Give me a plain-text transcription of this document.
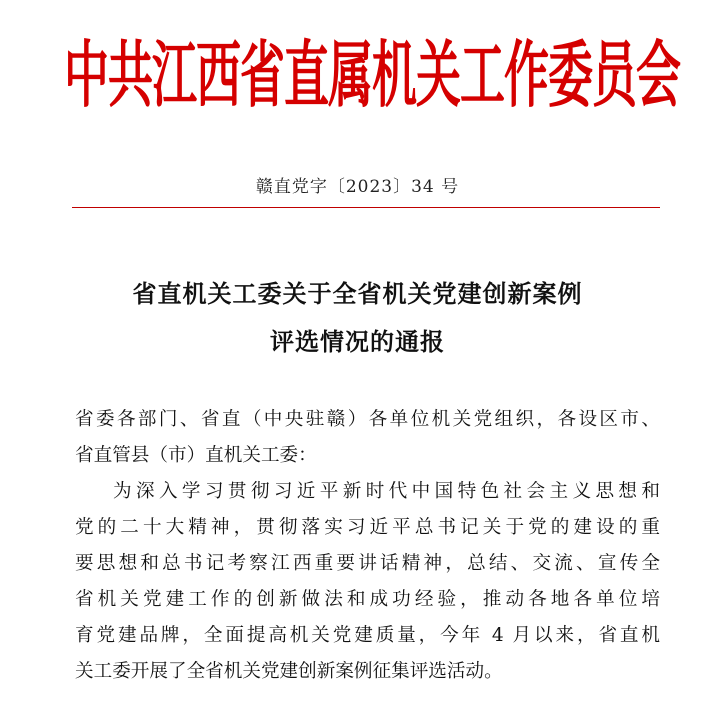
中共江西省直属机关工作委员会
赣直党字〔2023〕34 号
省直机关工委关于全省机关党建创新案例
评选情况的通报
省委各部门、省直（中央驻赣）各单位机关党组织，各设区市、
省直管县（市）直机关工委：
为深入学习贯彻习近平新时代中国特色社会主义思想和
党的二十大精神，贯彻落实习近平总书记关于党的建设的重
要思想和总书记考察江西重要讲话精神，总结、交流、宣传全
省机关党建工作的创新做法和成功经验，推动各地各单位培
育党建品牌，全面提高机关党建质量，今年 4 月以来，省直机
关工委开展了全省机关党建创新案例征集评选活动。
